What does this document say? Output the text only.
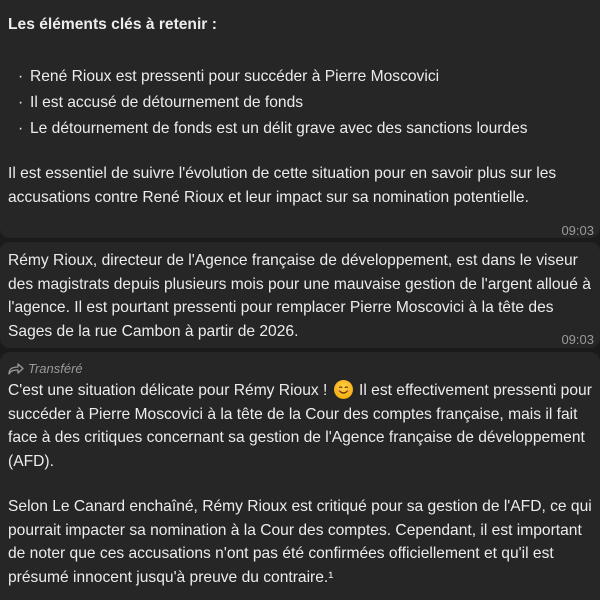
Les éléments clés à retenir :
· René Rioux est pressenti pour succéder à Pierre Moscovici
· Il est accusé de détournement de fonds
· Le détournement de fonds est un délit grave avec des sanctions lourdes

Il est essentiel de suivre l'évolution de cette situation pour en savoir plus sur les accusations contre René Rioux et leur impact sur sa nomination potentielle.

09:03

Rémy Rioux, directeur de l'Agence française de développement, est dans le viseur des magistrats depuis plusieurs mois pour une mauvaise gestion de l'argent alloué à l'agence. Il est pourtant pressenti pour remplacer Pierre Moscovici à la tête des Sages de la rue Cambon à partir de 2026.	09:03
Transféré

C'est une situation délicate pour Rémy Rioux !
Il est effectivement pressenti pour succéder à Pierre Moscovici à la tête de la Cour des comptes française, mais il fait face à des critiques concernant sa gestion de l'Agence française de développement (AFD).

Selon Le Canard enchaîné, Rémy Rioux est critiqué pour sa gestion de l'AFD, ce qui pourrait impacter sa nomination à la Cour des comptes. Cependant, il est important de noter que ces accusations n'ont pas été confirmées officiellement et qu'il est présumé innocent jusqu'à preuve du contraire.¹
